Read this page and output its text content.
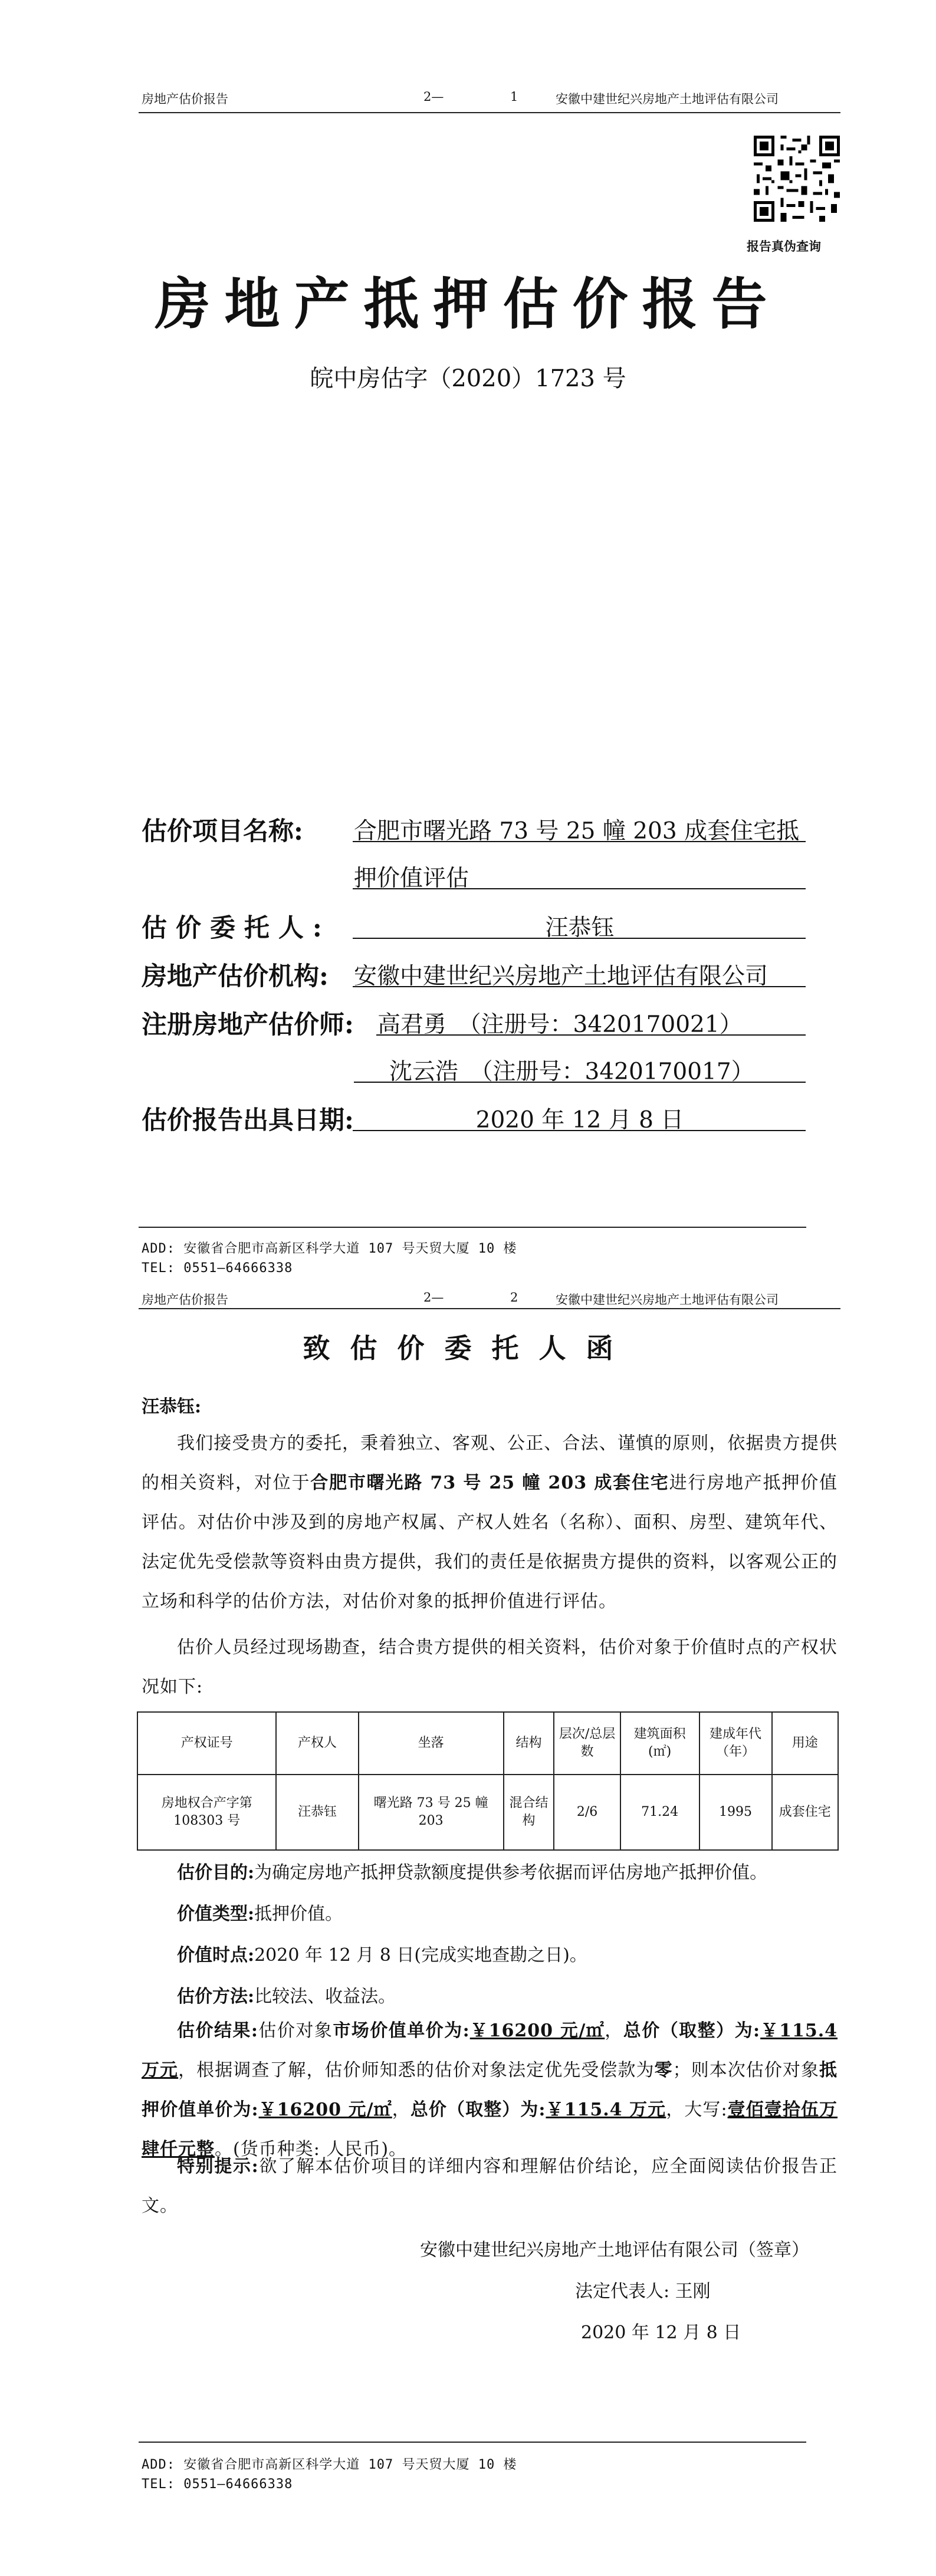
房地产估价报告	2—	1	安徽中建世纪兴房地产土地评估有限公司
报告真伪查询
房地产抵押估价报告
皖中房估字（2020）1723 号
估价项目名称: 合肥市曙光路 73 号 25 幢 203 成套住宅抵
押价值评估
估 价 委 托 人 :	汪恭钰
房地产估价机构: 安徽中建世纪兴房地产土地评估有限公司
注册房地产估价师: 高君勇　（注册号：3420170021）
沈云浩　（注册号：3420170017）
估价报告出具日期:	2020 年 12 月 8 日
ADD: 安徽省合肥市高新区科学大道 107 号天贸大厦 10 楼
TEL: 0551—64666338
房地产估价报告	2—	2	安徽中建世纪兴房地产土地评估有限公司
致估价委托人函
汪恭钰:
我们接受贵方的委托，秉着独立、客观、公正、合法、谨慎的原则，依据贵方提供的相关资料，对位于合肥市曙光路 73 号 25 幢 203 成套住宅进行房地产抵押价值评估。对估价中涉及到的房地产权属、产权人姓名（名称）、面积、房型、建筑年代、法定优先受偿款等资料由贵方提供，我们的责任是依据贵方提供的资料，以客观公正的立场和科学的估价方法，对估价对象的抵押价值进行评估。
估价人员经过现场勘查，结合贵方提供的相关资料，估价对象于价值时点的产权状况如下:
产权证号	产权人	坐落	结构	层次/总层数	建筑面积(㎡)	建成年代（年）	用途
房地权合产字第108303 号	汪恭钰	曙光路 73 号 25 幢 203	混合结构	2/6	71.24	1995	成套住宅
估价目的:为确定房地产抵押贷款额度提供参考依据而评估房地产抵押价值。
价值类型:抵押价值。
价值时点:2020 年 12 月 8 日(完成实地查勘之日)。
估价方法:比较法、收益法。
估价结果:估价对象市场价值单价为:￥16200 元/㎡，总价（取整）为:￥115.4 万元，根据调查了解，估价师知悉的估价对象法定优先受偿款为零；则本次估价对象抵押价值单价为:￥16200 元/㎡，总价（取整）为:￥115.4 万元，大写:壹佰壹拾伍万肆仟元整。(货币种类: 人民币)。
特别提示:欲了解本估价项目的详细内容和理解估价结论，应全面阅读估价报告正文。
安徽中建世纪兴房地产土地评估有限公司（签章）
法定代表人: 王刚
2020 年 12 月 8 日
ADD: 安徽省合肥市高新区科学大道 107 号天贸大厦 10 楼
TEL: 0551—64666338
